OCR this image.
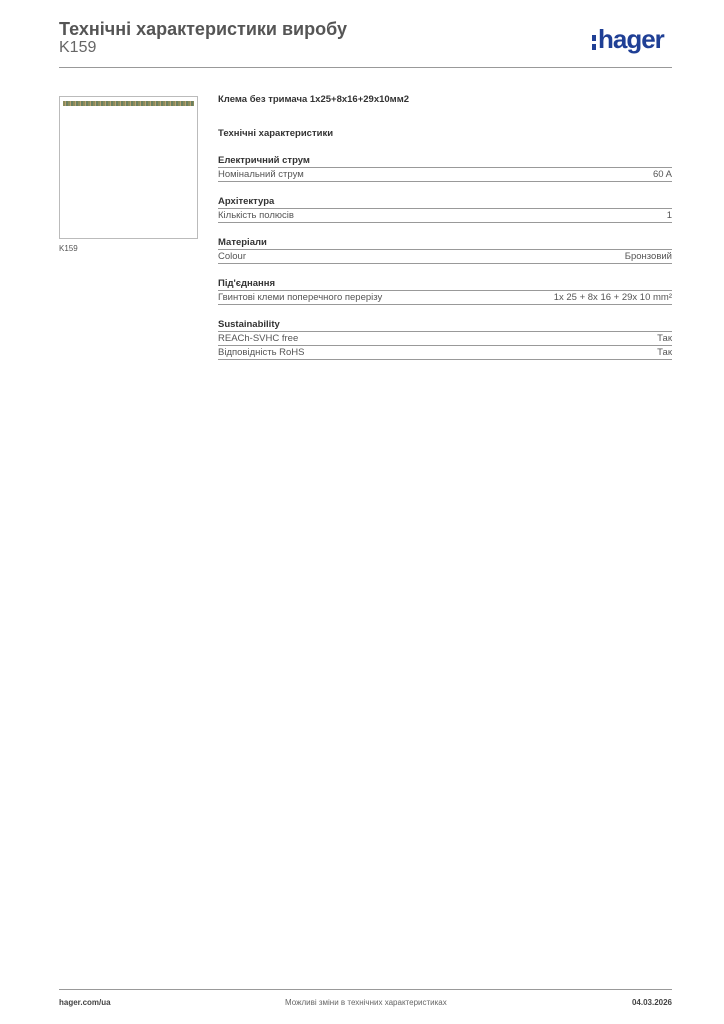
Технічні характеристики виробу
K159	hager
K159
Клема без тримача 1x25+8x16+29x10мм2
Технічні характеристики
Електричний струм
Номінальний струм	60 A
Архітектура
Кількість полюсів	1
Матеріали
Colour	Бронзовий
Під'єднання
Гвинтові клеми поперечного перерізу	1x 25 + 8x 16 + 29x 10 mm²
Sustainability
REACh-SVHC free	Так
Відповідність RoHS	Так
hager.com/ua	Можливі зміни в технічних характеристиках	04.03.2026
